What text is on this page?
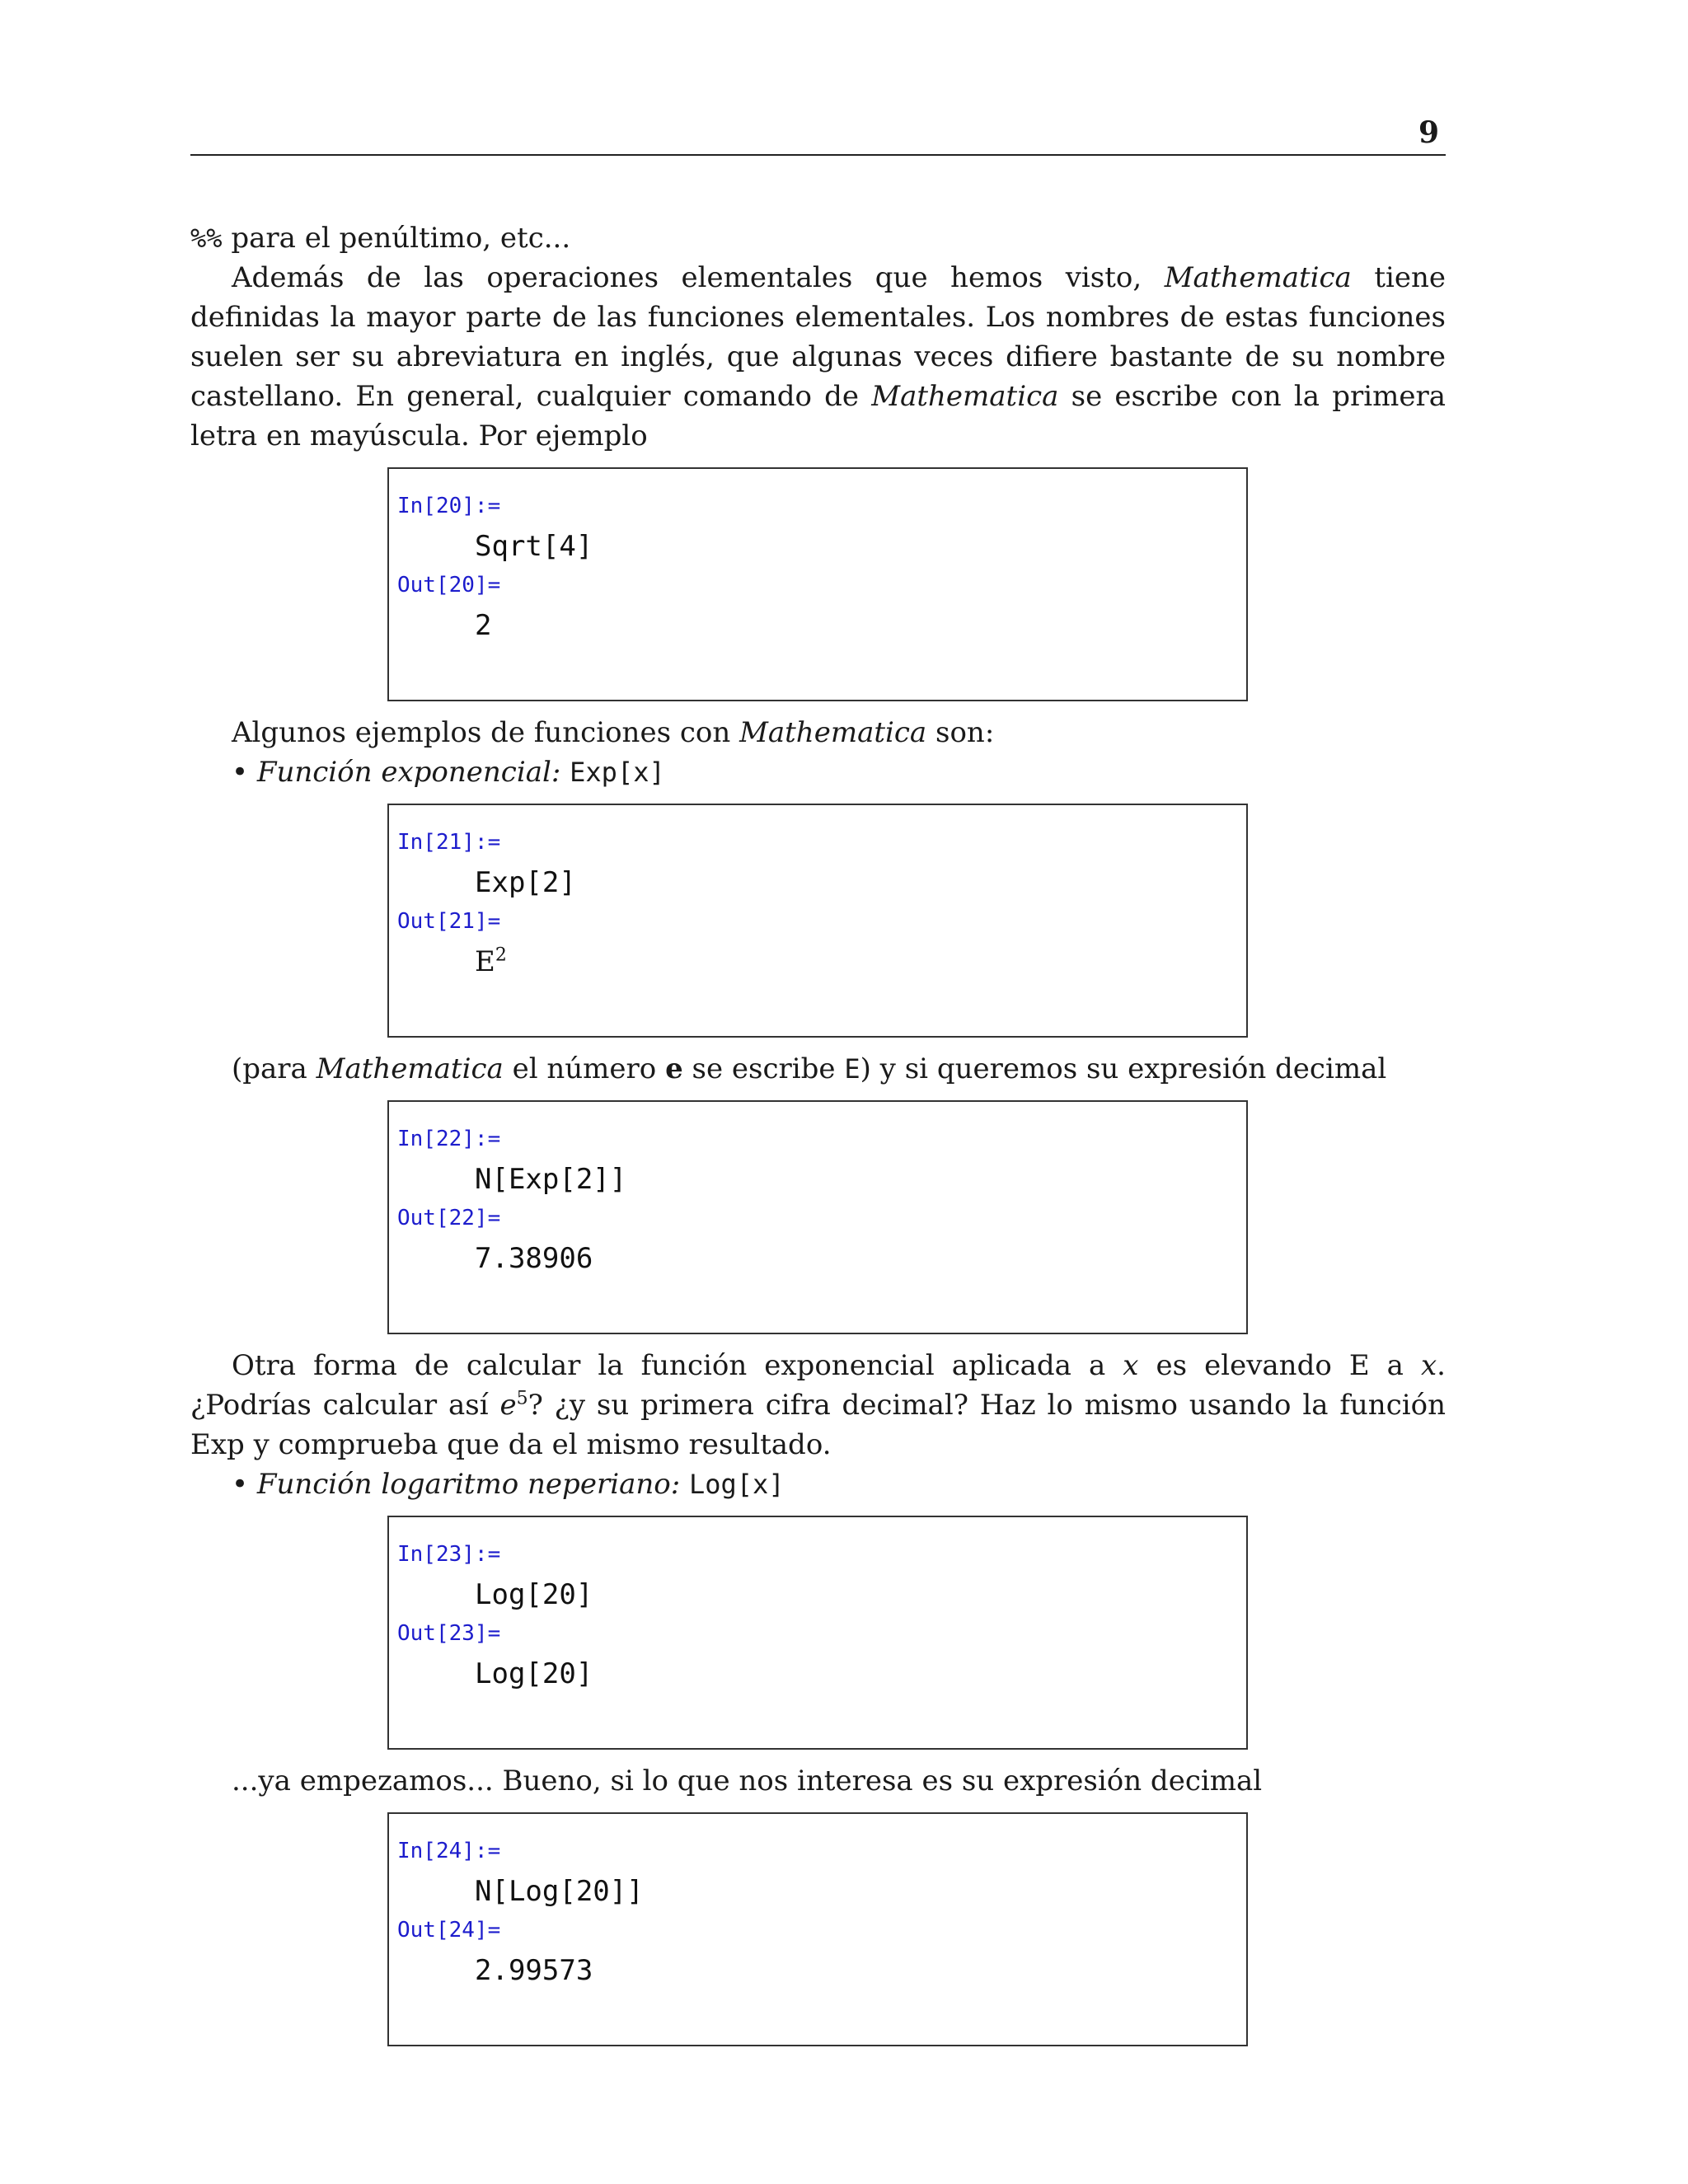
9

%% para el penúltimo, etc...

Además de las operaciones elementales que hemos visto, Mathematica tiene definidas la mayor parte de las funciones elementales. Los nombres de estas funciones suelen ser su abreviatura en inglés, que algunas veces difiere bastante de su nombre castellano. En general, cualquier comando de Mathematica se escribe con la primera letra en mayúscula. Por ejemplo

In[20]:=
Sqrt[4]
Out[20]=
2

Algunos ejemplos de funciones con Mathematica son:

• Función exponencial: Exp[x]

In[21]:=
Exp[2]
Out[21]=
$E^2$

(para Mathematica el número e se escribe E) y si queremos su expresión decimal

In[22]:=
N[Exp[2]]
Out[22]=
7.38906

Otra forma de calcular la función exponencial aplicada a x es elevando E a x. ¿Podrías calcular así $e^5$? ¿y su primera cifra decimal? Haz lo mismo usando la función Exp y comprueba que da el mismo resultado.

• Función logaritmo neperiano: Log[x]

In[23]:=
Log[20]
Out[23]=
Log[20]

...ya empezamos... Bueno, si lo que nos interesa es su expresión decimal

In[24]:=
N[Log[20]]
Out[24]=
2.99573
